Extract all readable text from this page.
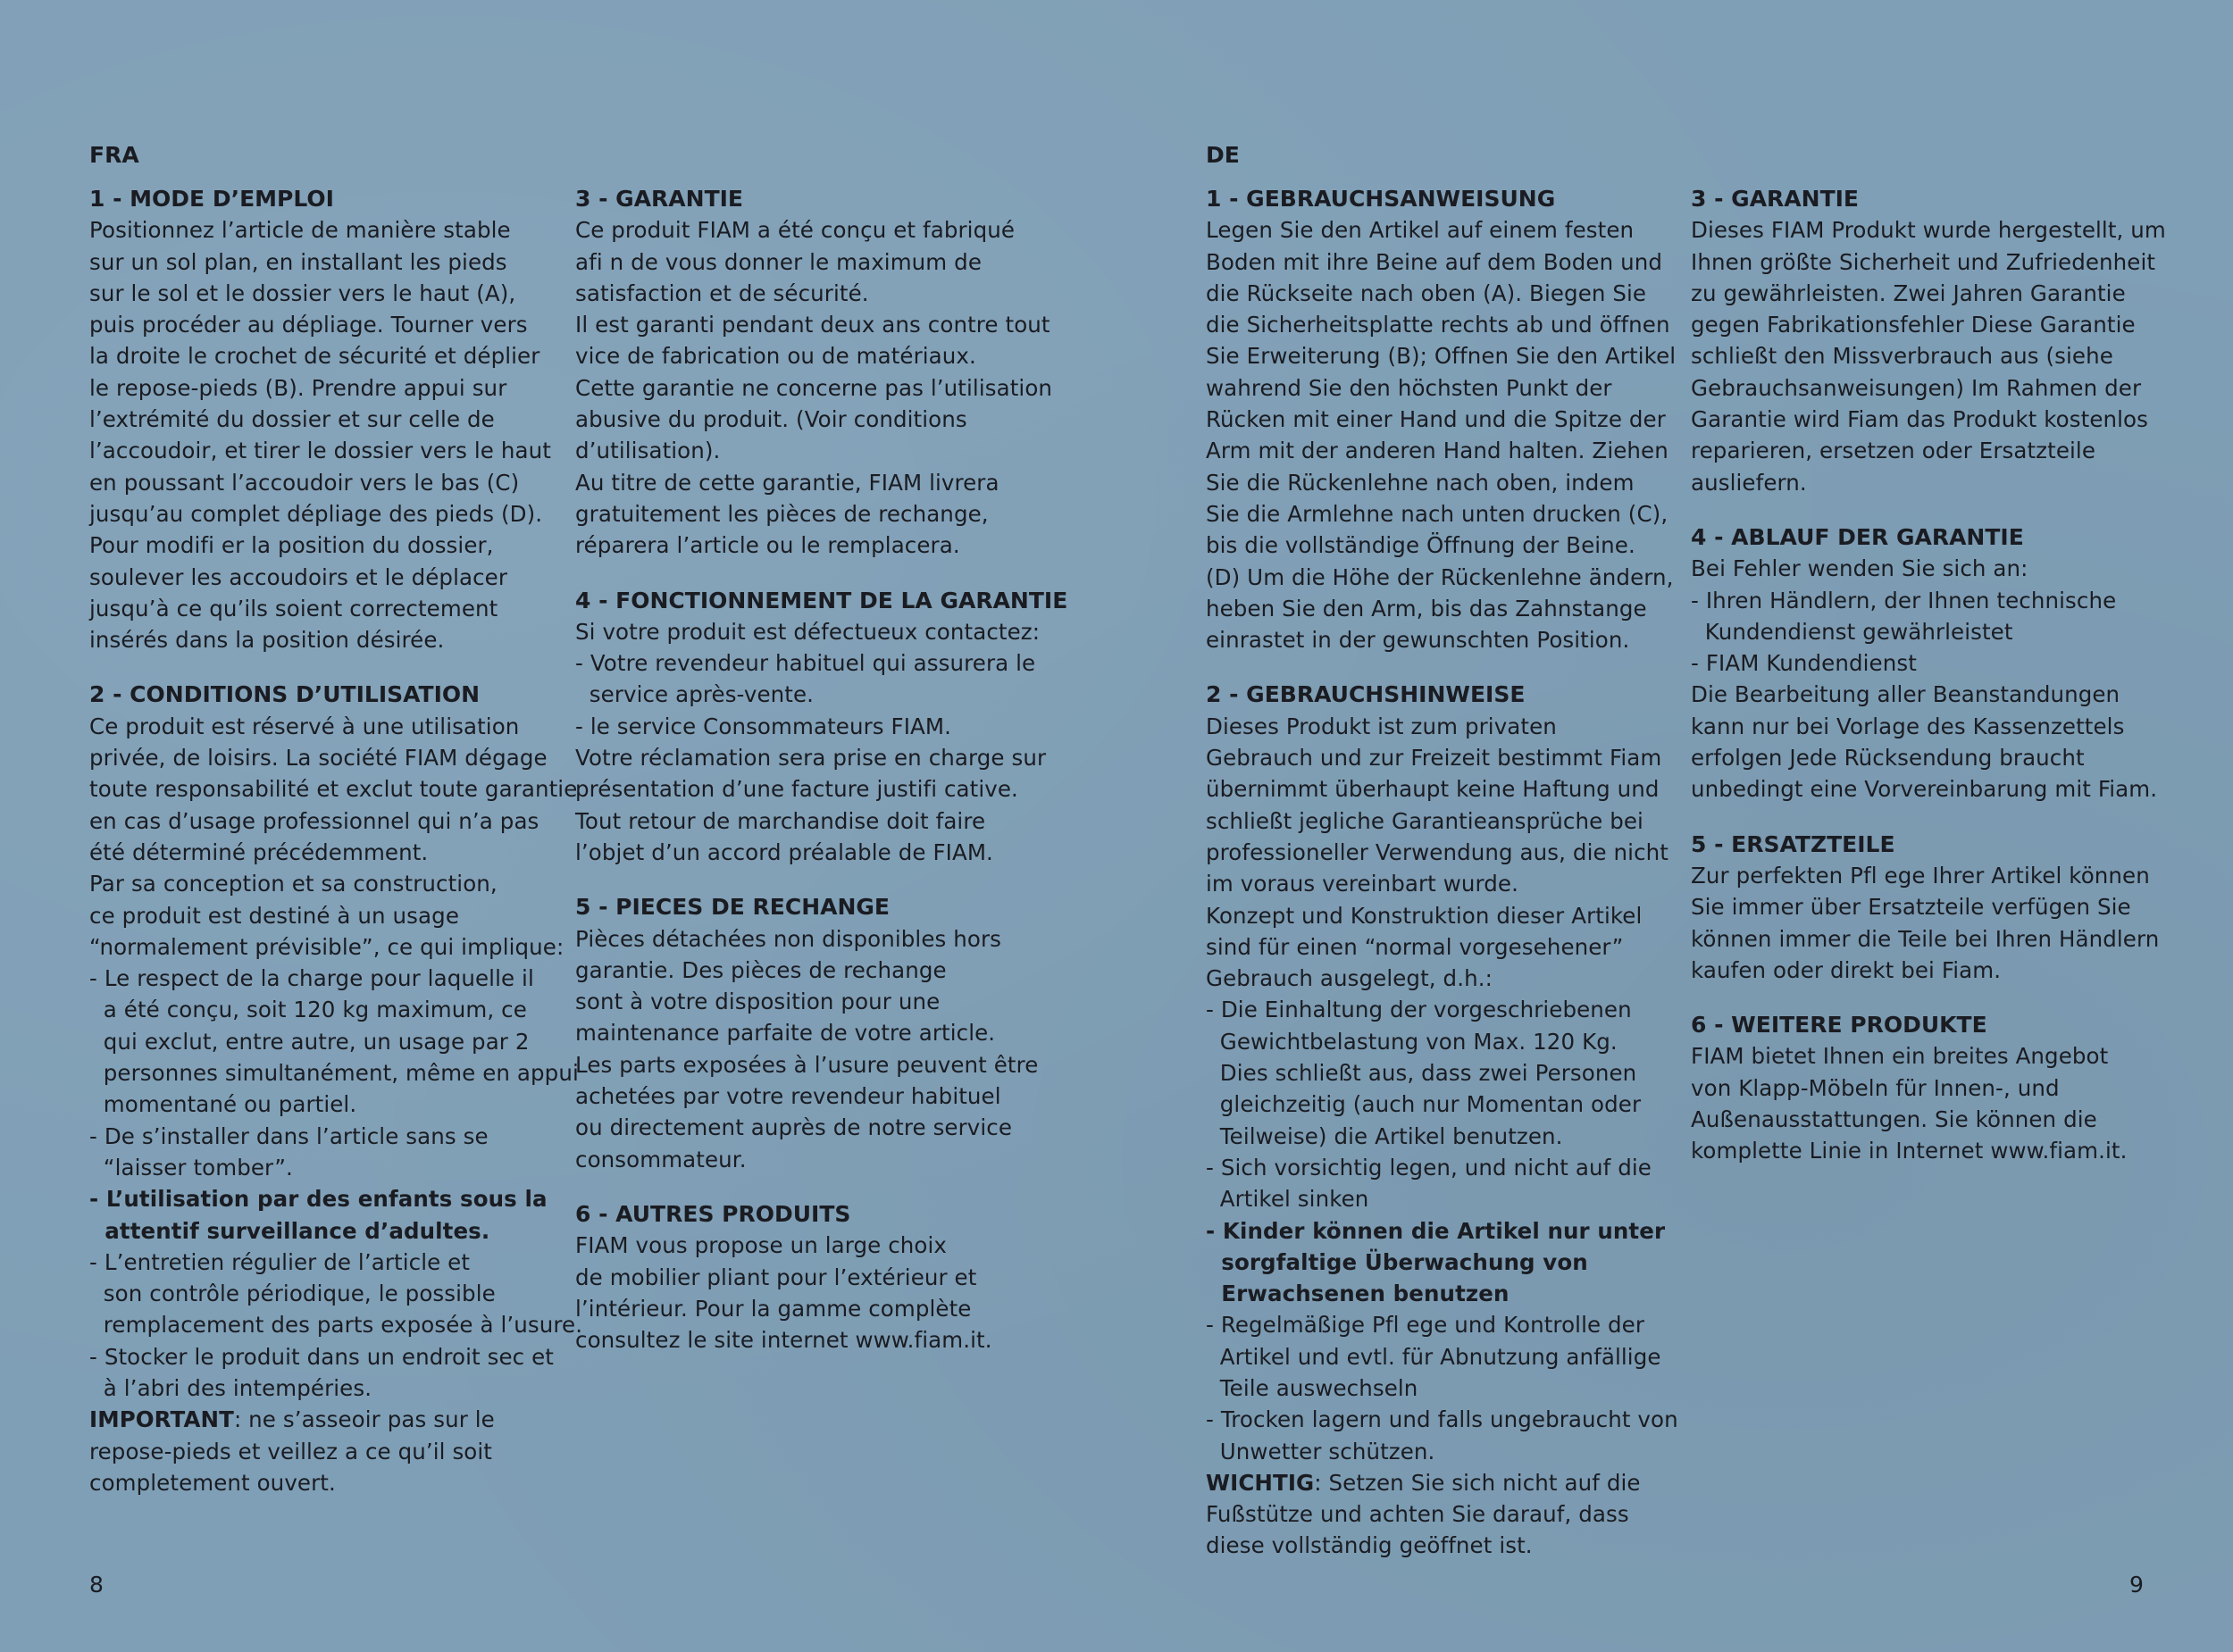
FRA
1 - MODE D’EMPLOI
Positionnez l’article de manière stable
sur un sol plan, en installant les pieds
sur le sol et le dossier vers le haut (A),
puis procéder au dépliage. Tourner vers
la droite le crochet de sécurité et déplier
le repose-pieds (B). Prendre appui sur
l’extrémité du dossier et sur celle de
l’accoudoir, et tirer le dossier vers le haut
en poussant l’accoudoir vers le bas (C)
jusqu’au complet dépliage des pieds (D).
Pour modifi er la position du dossier,
soulever les accoudoirs et le déplacer
jusqu’à ce qu’ils soient correctement
insérés dans la position désirée.
2 - CONDITIONS D’UTILISATION
Ce produit est réservé à une utilisation
privée, de loisirs. La société FIAM dégage
toute responsabilité et exclut toute garantie
en cas d’usage professionnel qui n’a pas
été déterminé précédemment.
Par sa conception et sa construction,
ce produit est destiné à un usage
“normalement prévisible”, ce qui implique:
- Le respect de la charge pour laquelle il
a été conçu, soit 120 kg maximum, ce
qui exclut, entre autre, un usage par 2
personnes simultanément, même en appui
momentané ou partiel.
- De s’installer dans l’article sans se
“laisser tomber”.
- L’utilisation par des enfants sous la
attentif surveillance d’adultes.
- L’entretien régulier de l’article et
son contrôle périodique, le possible
remplacement des parts exposée à l’usure.
- Stocker le produit dans un endroit sec et
à l’abri des intempéries.
IMPORTANT: ne s’asseoir pas sur le
repose-pieds et veillez a ce qu’il soit
completement ouvert.
3 - GARANTIE
Ce produit FIAM a été conçu et fabriqué
afi n de vous donner le maximum de
satisfaction et de sécurité.
Il est garanti pendant deux ans contre tout
vice de fabrication ou de matériaux.
Cette garantie ne concerne pas l’utilisation
abusive du produit. (Voir conditions
d’utilisation).
Au titre de cette garantie, FIAM livrera
gratuitement les pièces de rechange,
réparera l’article ou le remplacera.
4 - FONCTIONNEMENT DE LA GARANTIE
Si votre produit est défectueux contactez:
- Votre revendeur habituel qui assurera le
service après-vente.
- le service Consommateurs FIAM.
Votre réclamation sera prise en charge sur
présentation d’une facture justifi cative.
Tout retour de marchandise doit faire
l’objet d’un accord préalable de FIAM.
5 - PIECES DE RECHANGE
Pièces détachées non disponibles hors
garantie. Des pièces de rechange
sont à votre disposition pour une
maintenance parfaite de votre article.
Les parts exposées à l’usure peuvent être
achetées par votre revendeur habituel
ou directement auprès de notre service
consommateur.
6 - AUTRES PRODUITS
FIAM vous propose un large choix
de mobilier pliant pour l’extérieur et
l’intérieur. Pour la gamme complète
consultez le site internet www.fiam.it.
8
DE
1 - GEBRAUCHSANWEISUNG
Legen Sie den Artikel auf einem festen
Boden mit ihre Beine auf dem Boden und
die Rückseite nach oben (A). Biegen Sie
die Sicherheitsplatte rechts ab und öffnen
Sie Erweiterung (B); Offnen Sie den Artikel
wahrend Sie den höchsten Punkt der
Rücken mit einer Hand und die Spitze der
Arm mit der anderen Hand halten. Ziehen
Sie die Rückenlehne nach oben, indem
Sie die Armlehne nach unten drucken (C),
bis die vollständige Öffnung der Beine.
(D) Um die Höhe der Rückenlehne ändern,
heben Sie den Arm, bis das Zahnstange
einrastet in der gewunschten Position.
2 - GEBRAUCHSHINWEISE
Dieses Produkt ist zum privaten
Gebrauch und zur Freizeit bestimmt Fiam
übernimmt überhaupt keine Haftung und
schließt jegliche Garantieansprüche bei
professioneller Verwendung aus, die nicht
im voraus vereinbart wurde.
Konzept und Konstruktion dieser Artikel
sind für einen “normal vorgesehener”
Gebrauch ausgelegt, d.h.:
- Die Einhaltung der vorgeschriebenen
Gewichtbelastung von Max. 120 Kg.
Dies schließt aus, dass zwei Personen
gleichzeitig (auch nur Momentan oder
Teilweise) die Artikel benutzen.
- Sich vorsichtig legen, und nicht auf die
Artikel sinken
- Kinder können die Artikel nur unter
sorgfaltige Überwachung von
Erwachsenen benutzen
- Regelmäßige Pfl ege und Kontrolle der
Artikel und evtl. für Abnutzung anfällige
Teile auswechseln
- Trocken lagern und falls ungebraucht von
Unwetter schützen.
WICHTIG: Setzen Sie sich nicht auf die
Fußstütze und achten Sie darauf, dass
diese vollständig geöffnet ist.
3 - GARANTIE
Dieses FIAM Produkt wurde hergestellt, um
Ihnen größte Sicherheit und Zufriedenheit
zu gewährleisten. Zwei Jahren Garantie
gegen Fabrikationsfehler Diese Garantie
schließt den Missverbrauch aus (siehe
Gebrauchsanweisungen) Im Rahmen der
Garantie wird Fiam das Produkt kostenlos
reparieren, ersetzen oder Ersatzteile
ausliefern.
4 - ABLAUF DER GARANTIE
Bei Fehler wenden Sie sich an:
- Ihren Händlern, der Ihnen technische
Kundendienst gewährleistet
- FIAM Kundendienst
Die Bearbeitung aller Beanstandungen
kann nur bei Vorlage des Kassenzettels
erfolgen Jede Rücksendung braucht
unbedingt eine Vorvereinbarung mit Fiam.
5 - ERSATZTEILE
Zur perfekten Pfl ege Ihrer Artikel können
Sie immer über Ersatzteile verfügen Sie
können immer die Teile bei Ihren Händlern
kaufen oder direkt bei Fiam.
6 - WEITERE PRODUKTE
FIAM bietet Ihnen ein breites Angebot
von Klapp-Möbeln für Innen-, und
Außenausstattungen. Sie können die
komplette Linie in Internet www.fiam.it.
9
